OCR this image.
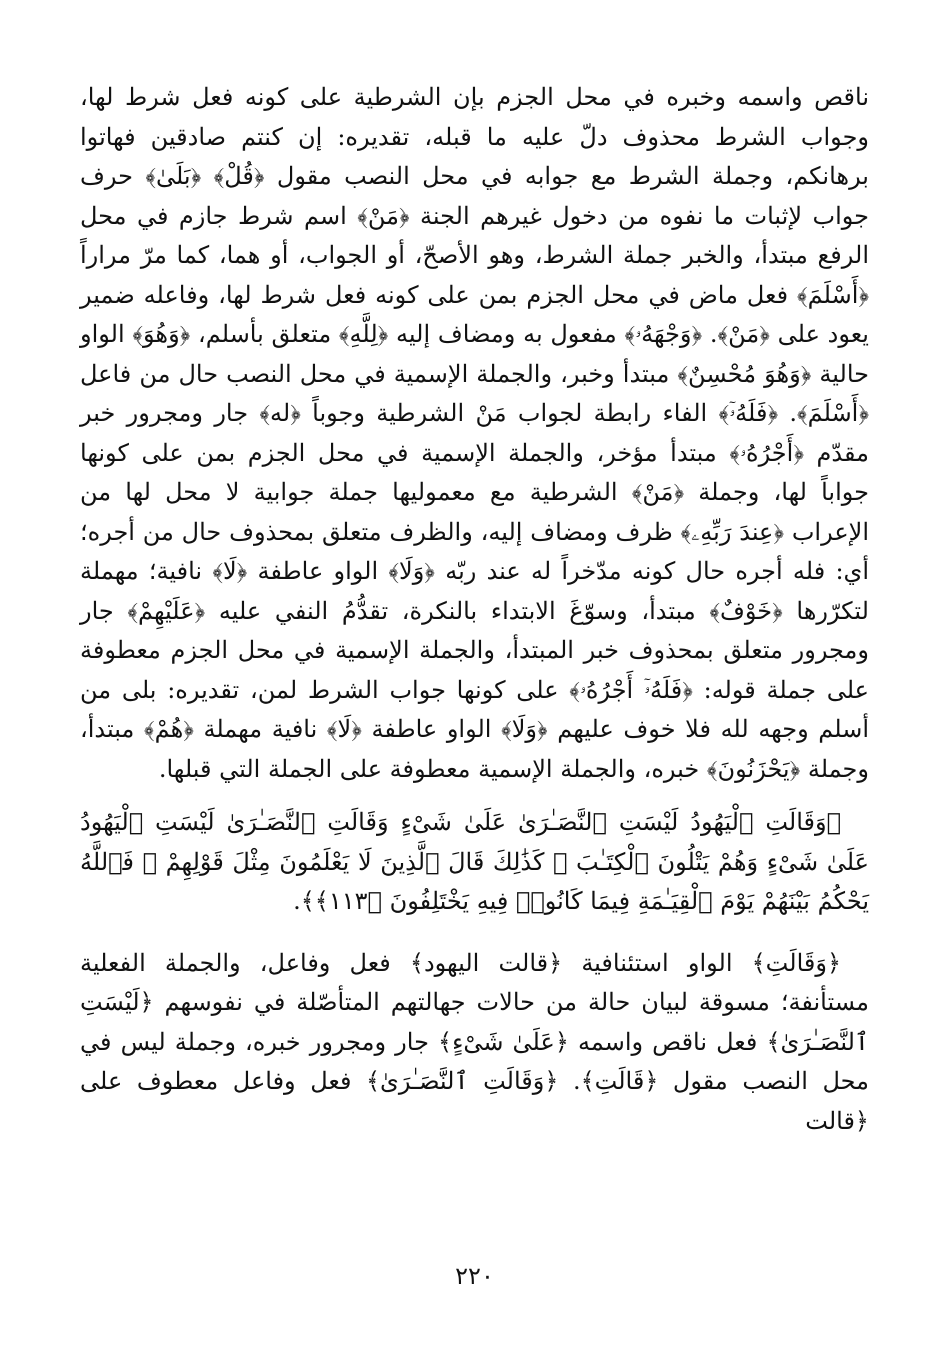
ناقص واسمه وخبره في محل الجزم بإن الشرطية على كونه فعل شرط لها، وجواب الشرط محذوف دلّ عليه ما قبله، تقديره: إن كنتم صادقين فهاتوا برهانكم، وجملة الشرط مع جوابه في محل النصب مقول ﴿قُلْ﴾ ﴿بَلَىٰ﴾ حرف جواب لإثبات ما نفوه من دخول غيرهم الجنة ﴿مَنْ﴾ اسم شرط جازم في محل الرفع مبتدأ، والخبر جملة الشرط، وهو الأصحّ، أو الجواب، أو هما، كما مرّ مراراً ﴿أَسْلَمَ﴾ فعل ماض في محل الجزم بمن على كونه فعل شرط لها، وفاعله ضمير يعود على ﴿مَنْ﴾. ﴿وَجْهَهُۥ﴾ مفعول به ومضاف إليه ﴿لِلَّهِ﴾ متعلق بأسلم، ﴿وَهُوَ﴾ الواو حالية ﴿وَهُوَ مُحْسِنٌ﴾ مبتدأ وخبر، والجملة الإسمية في محل النصب حال من فاعل ﴿أَسْلَمَ﴾. ﴿فَلَهُۥٓ﴾ الفاء رابطة لجواب مَنْ الشرطية وجوباً ﴿له﴾ جار ومجرور خبر مقدّم ﴿أَجْرُهُۥ﴾ مبتدأ مؤخر، والجملة الإسمية في محل الجزم بمن على كونها جواباً لها، وجملة ﴿مَنْ﴾ الشرطية مع معموليها جملة جوابية لا محل لها من الإعراب ﴿عِندَ رَبِّهِۦ﴾ ظرف ومضاف إليه، والظرف متعلق بمحذوف حال من أجره؛ أي: فله أجره حال كونه مدّخراً له عند ربّه ﴿وَلَا﴾ الواو عاطفة ﴿لَا﴾ نافية؛ مهملة لتكرّرها ﴿خَوْفٌ﴾ مبتدأ، وسوّغَ الابتداء بالنكرة، تقدُّمُ النفي عليه ﴿عَلَيْهِمْ﴾ جار ومجرور متعلق بمحذوف خبر المبتدأ، والجملة الإسمية في محل الجزم معطوفة على جملة قوله: ﴿فَلَهُۥٓ أَجْرُهُۥ﴾ على كونها جواب الشرط لمن، تقديره: بلى من أسلم وجهه لله فلا خوف عليهم ﴿وَلَا﴾ الواو عاطفة ﴿لَا﴾ نافية مهملة ﴿هُمْ﴾ مبتدأ، وجملة ﴿يَحْزَنُونَ﴾ خبره، والجملة الإسمية معطوفة على الجملة التي قبلها.

﴿وَقَالَتِ ٱلْيَهُودُ لَيْسَتِ ٱلنَّصَـٰرَىٰ عَلَىٰ شَىْءٍ وَقَالَتِ ٱلنَّصَـٰرَىٰ لَيْسَتِ ٱلْيَهُودُ عَلَىٰ شَىْءٍ وَهُمْ يَتْلُونَ ٱلْكِتَـٰبَ ۗ كَذَٰلِكَ قَالَ ٱلَّذِينَ لَا يَعْلَمُونَ مِثْلَ قَوْلِهِمْ ۚ فَٱللَّهُ يَحْكُمُ بَيْنَهُمْ يَوْمَ ٱلْقِيَـٰمَةِ فِيمَا كَانُوا۟ فِيهِ يَخْتَلِفُونَ ﴿١١٣﴾﴾.

﴿وَقَالَتِ﴾ الواو استئنافية ﴿قالت اليهود﴾ فعل وفاعل، والجملة الفعلية مستأنفة؛ مسوقة لبيان حالة من حالات جهالتهم المتأصّلة في نفوسهم ﴿لَيْسَتِ ٱلنَّصَـٰرَىٰ﴾ فعل ناقص واسمه ﴿عَلَىٰ شَىْءٍ﴾ جار ومجرور خبره، وجملة ليس في محل النصب مقول ﴿قَالَتِ﴾. ﴿وَقَالَتِ ٱلنَّصَـٰرَىٰ﴾ فعل وفاعل معطوف على ﴿قالت

٢٢٠
